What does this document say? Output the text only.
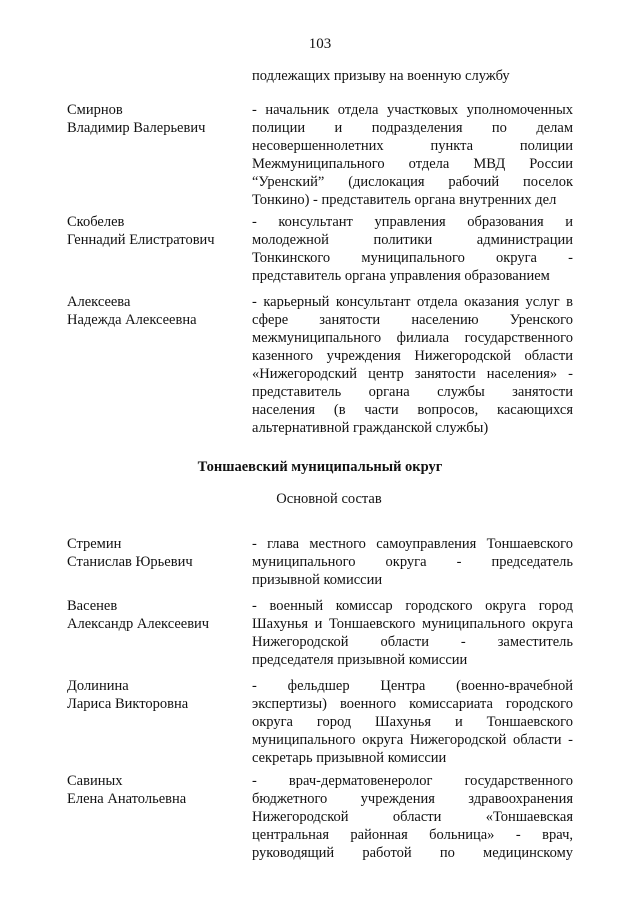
103
подлежащих призыву на военную службу
Смирнов
Владимир Валерьевич
- начальник отдела участковых уполномоченных
полиции и подразделения по делам
несовершеннолетних пункта полиции
Межмуниципального отдела МВД России
“Уренский” (дислокация рабочий поселок
Тонкино) - представитель органа внутренних дел
Скобелев
Геннадий Елистратович
- консультант управления образования и
молодежной политики администрации
Тонкинского муниципального округа -
представитель органа управления образованием
Алексеева
Надежда Алексеевна
- карьерный консультант отдела оказания услуг в
сфере занятости населению Уренского
межмуниципального филиала государственного
казенного учреждения Нижегородской области
«Нижегородский центр занятости населения» -
представитель органа службы занятости
населения (в части вопросов, касающихся
альтернативной гражданской службы)
Тоншаевский муниципальный округ
Основной состав
Стремин
Станислав Юрьевич
- глава местного самоуправления Тоншаевского
муниципального округа - председатель
призывной комиссии
Васенев
Александр Алексеевич
- военный комиссар городского округа город
Шахунья и Тоншаевского муниципального округа
Нижегородской области - заместитель
председателя призывной комиссии
Долинина
Лариса Викторовна
- фельдшер Центра (военно-врачебной
экспертизы) военного комиссариата городского
округа город Шахунья и Тоншаевского
муниципального округа Нижегородской области -
секретарь призывной комиссии
Савиных
Елена Анатольевна
- врач-дерматовенеролог государственного
бюджетного учреждения здравоохранения
Нижегородской области «Тоншаевская
центральная районная больница» - врач,
руководящий работой по медицинскому
